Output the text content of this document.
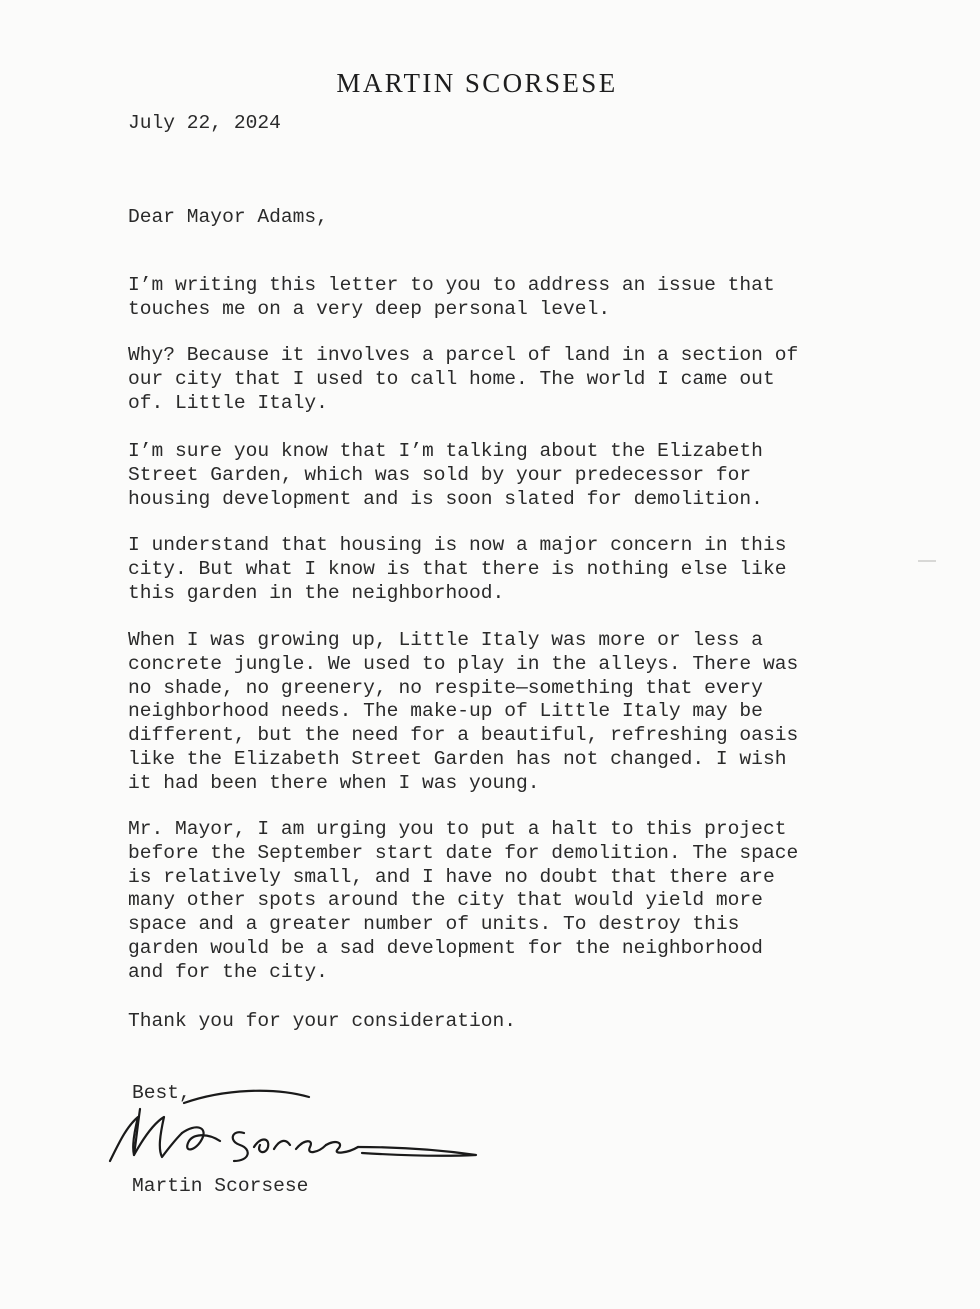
MARTIN SCORSESE
July 22, 2024
Dear Mayor Adams,
I’m writing this letter to you to address an issue that
touches me on a very deep personal level.
Why? Because it involves a parcel of land in a section of
our city that I used to call home. The world I came out
of. Little Italy.
I’m sure you know that I’m talking about the Elizabeth
Street Garden, which was sold by your predecessor for
housing development and is soon slated for demolition.
I understand that housing is now a major concern in this
city. But what I know is that there is nothing else like
this garden in the neighborhood.
When I was growing up, Little Italy was more or less a
concrete jungle. We used to play in the alleys. There was
no shade, no greenery, no respite—something that every
neighborhood needs. The make-up of Little Italy may be
different, but the need for a beautiful, refreshing oasis
like the Elizabeth Street Garden has not changed. I wish
it had been there when I was young.
Mr. Mayor, I am urging you to put a halt to this project
before the September start date for demolition. The space
is relatively small, and I have no doubt that there are
many other spots around the city that would yield more
space and a greater number of units. To destroy this
garden would be a sad development for the neighborhood
and for the city.
Thank you for your consideration.
Best,
Martin Scorsese
